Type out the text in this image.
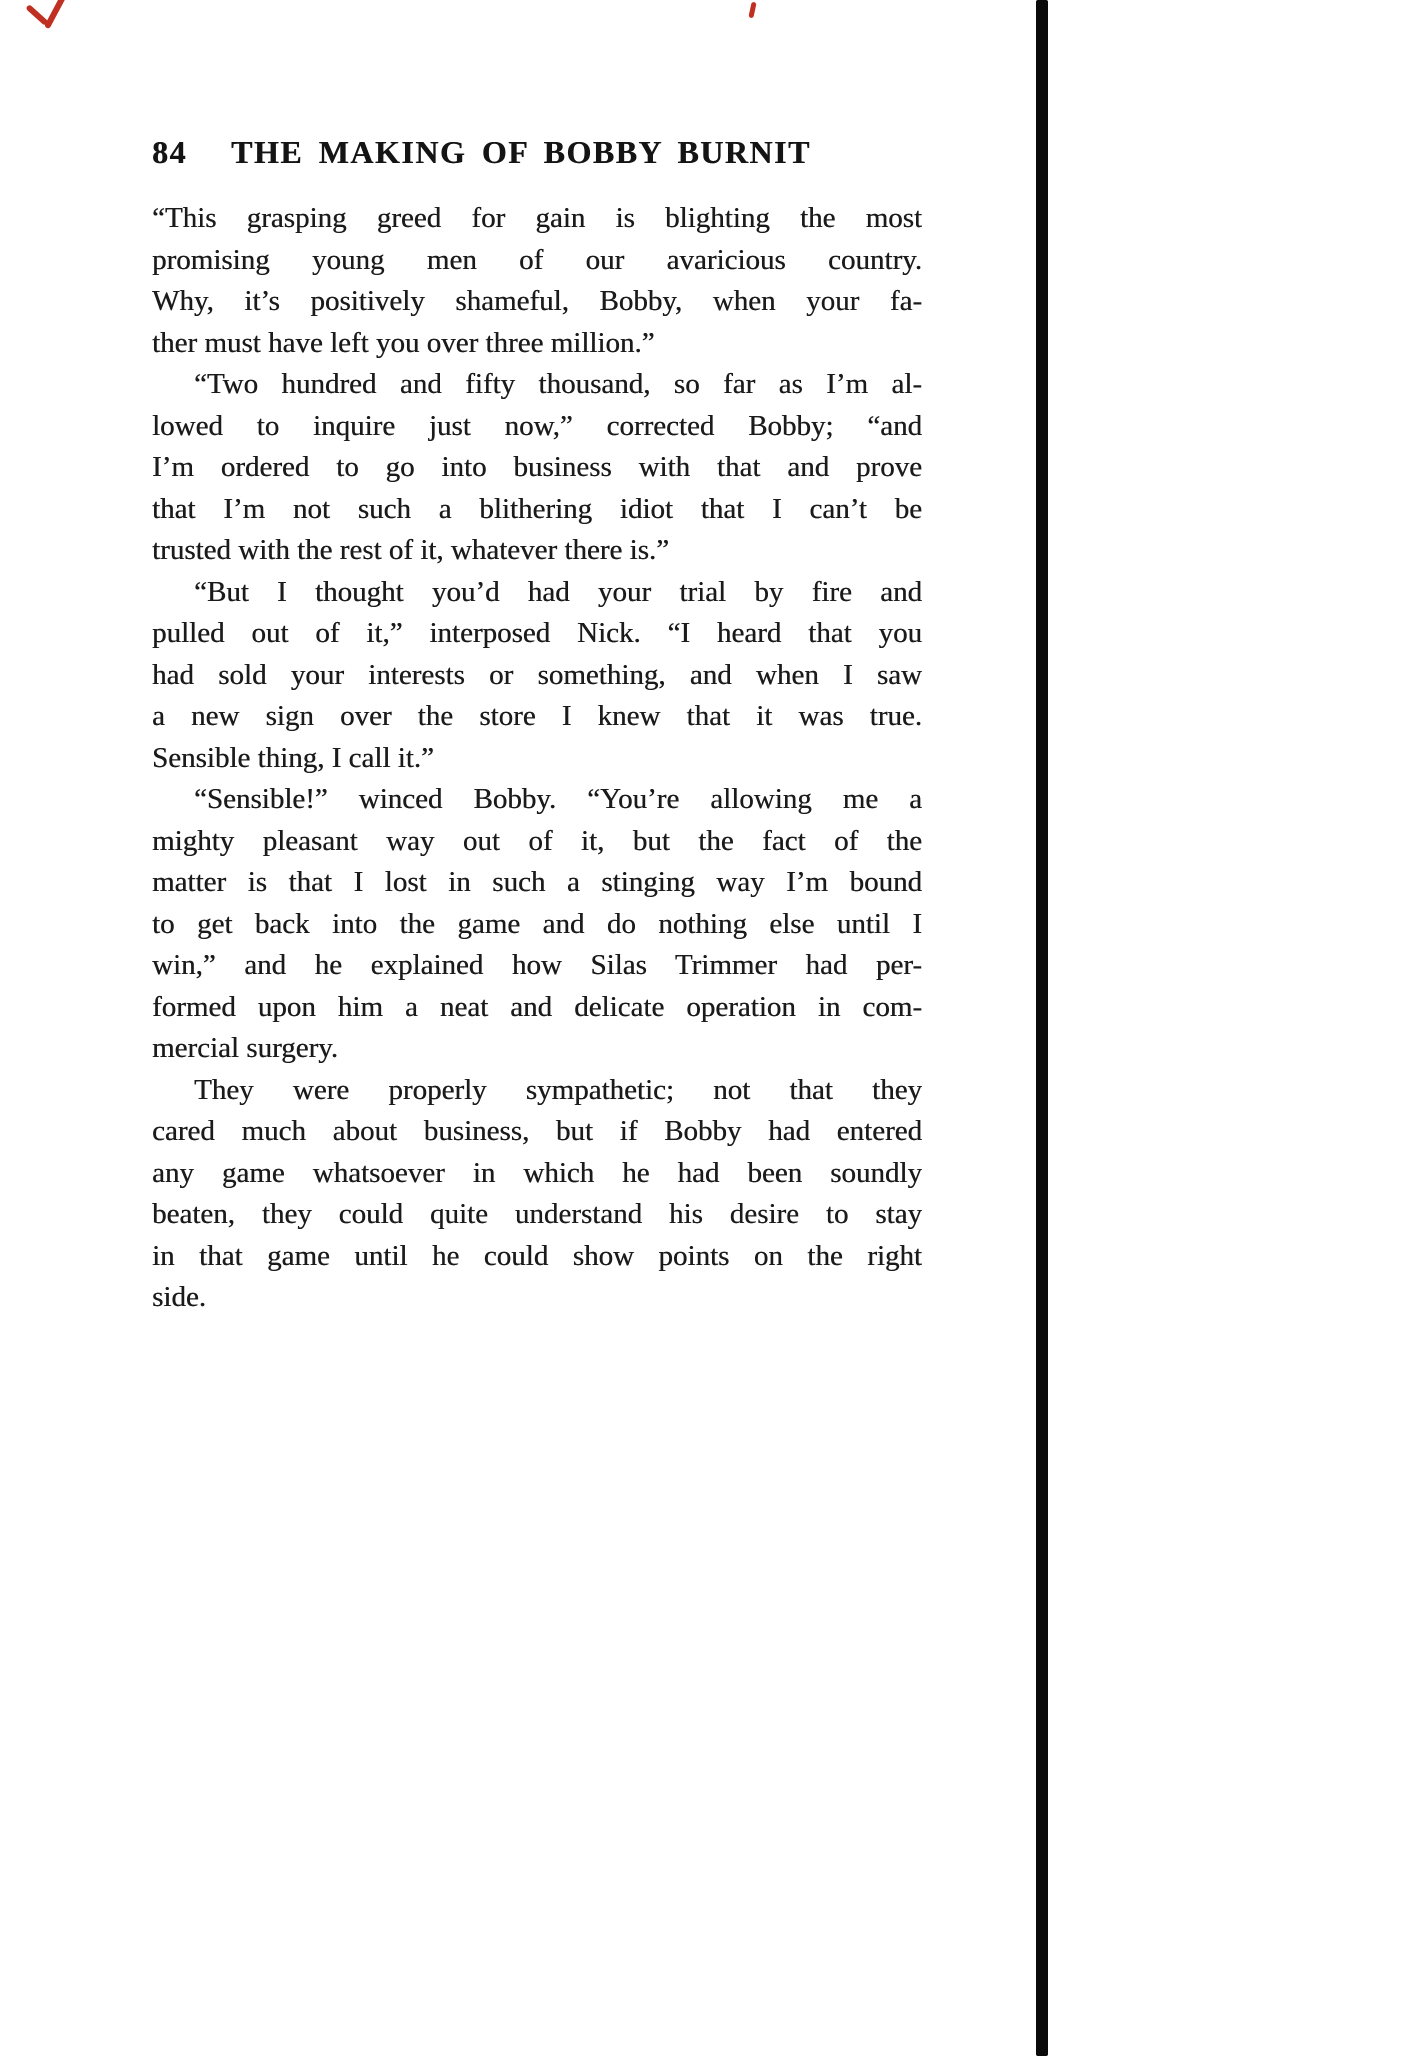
84 THE MAKING OF BOBBY BURNIT
“This grasping greed for gain is blighting the most
promising young men of our avaricious country.
Why, it’s positively shameful, Bobby, when your fa-
ther must have left you over three million.”
“Two hundred and fifty thousand, so far as I’m al-
lowed to inquire just now,” corrected Bobby; “and
I’m ordered to go into business with that and prove
that I’m not such a blithering idiot that I can’t be
trusted with the rest of it, whatever there is.”
“But I thought you’d had your trial by fire and
pulled out of it,” interposed Nick. “I heard that you
had sold your interests or something, and when I saw
a new sign over the store I knew that it was true.
Sensible thing, I call it.”
“Sensible!” winced Bobby. “You’re allowing me a
mighty pleasant way out of it, but the fact of the
matter is that I lost in such a stinging way I’m bound
to get back into the game and do nothing else until I
win,” and he explained how Silas Trimmer had per-
formed upon him a neat and delicate operation in com-
mercial surgery.
They were properly sympathetic; not that they
cared much about business, but if Bobby had entered
any game whatsoever in which he had been soundly
beaten, they could quite understand his desire to stay
in that game until he could show points on the right
side.
